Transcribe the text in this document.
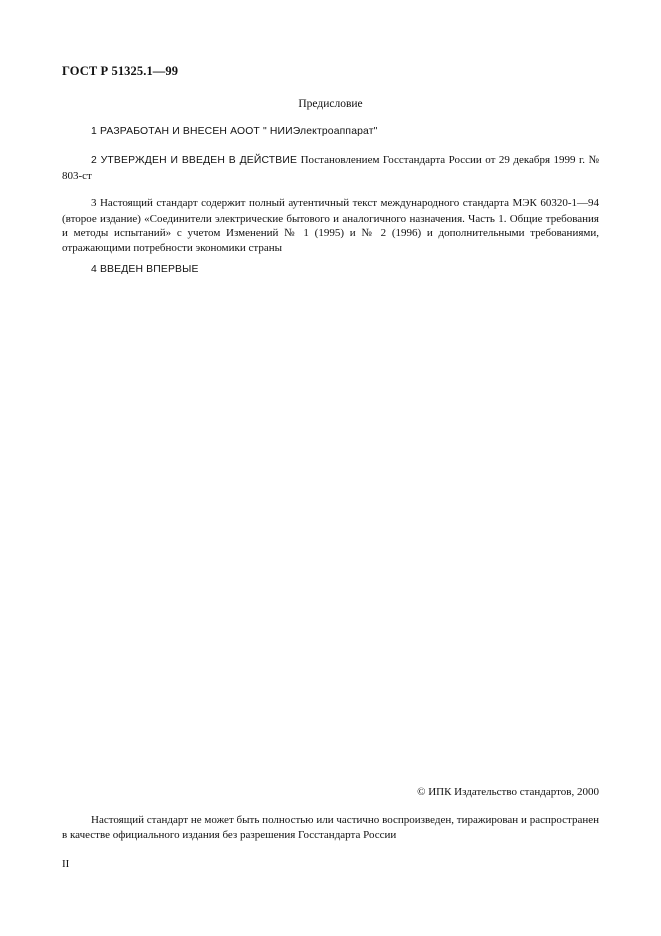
ГОСТ Р 51325.1—99
Предисловие
1 РАЗРАБОТАН И ВНЕСЕН АООТ " НИИЭлектроаппарат"
2 УТВЕРЖДЕН И ВВЕДЕН В ДЕЙСТВИЕ Постановлением Госстандарта России от 29 декабря 1999 г. № 803-ст
3 Настоящий стандарт содержит полный аутентичный текст международного стандарта МЭК 60320-1—94 (второе издание) «Соединители электрические бытового и аналогичного назначения. Часть 1. Общие требования и методы испытаний» с учетом Изменений № 1 (1995) и № 2 (1996) и дополнительными требованиями, отражающими потребности экономики страны
4 ВВЕДЕН ВПЕРВЫЕ
© ИПК Издательство стандартов, 2000
Настоящий стандарт не может быть полностью или частично воспроизведен, тиражирован и распространен в качестве официального издания без разрешения Госстандарта России
II
